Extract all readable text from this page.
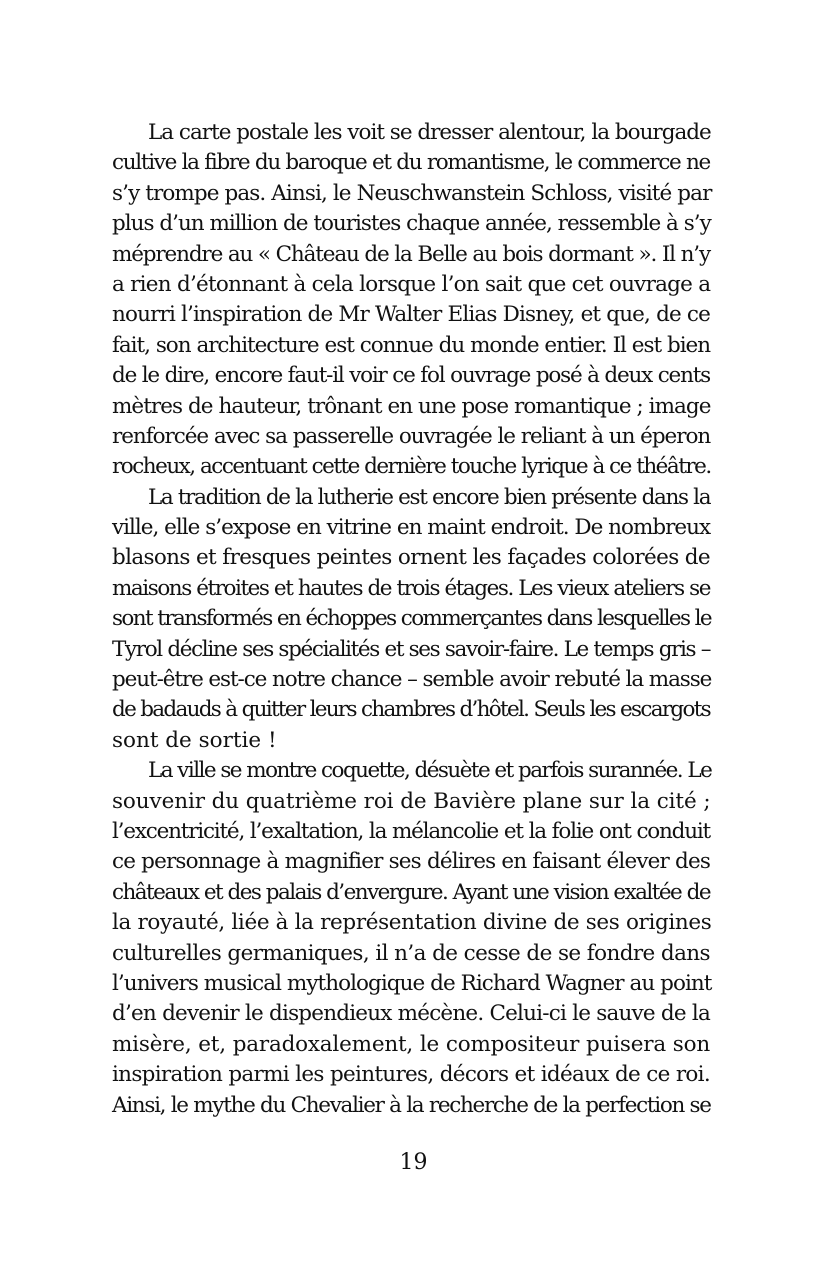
La carte postale les voit se dresser alentour, la bourgade
cultive la fibre du baroque et du romantisme, le commerce ne
s’y trompe pas. Ainsi, le Neuschwanstein Schloss, visité par
plus d’un million de touristes chaque année, ressemble à s’y
méprendre au « Château de la Belle au bois dormant ». Il n’y
a rien d’étonnant à cela lorsque l’on sait que cet ouvrage a
nourri l’inspiration de Mr Walter Elias Disney, et que, de ce
fait, son architecture est connue du monde entier. Il est bien
de le dire, encore faut-il voir ce fol ouvrage posé à deux cents
mètres de hauteur, trônant en une pose romantique ; image
renforcée avec sa passerelle ouvragée le reliant à un éperon
rocheux, accentuant cette dernière touche lyrique à ce théâtre.
La tradition de la lutherie est encore bien présente dans la
ville, elle s’expose en vitrine en maint endroit. De nombreux
blasons et fresques peintes ornent les façades colorées de
maisons étroites et hautes de trois étages. Les vieux ateliers se
sont transformés en échoppes commerçantes dans lesquelles le
Tyrol décline ses spécialités et ses savoir-faire. Le temps gris –
peut-être est-ce notre chance – semble avoir rebuté la masse
de badauds à quitter leurs chambres d’hôtel. Seuls les escargots
sont de sortie !
La ville se montre coquette, désuète et parfois surannée. Le
souvenir du quatrième roi de Bavière plane sur la cité ;
l’excentricité, l’exaltation, la mélancolie et la folie ont conduit
ce personnage à magnifier ses délires en faisant élever des
châteaux et des palais d’envergure. Ayant une vision exaltée de
la royauté, liée à la représentation divine de ses origines
culturelles germaniques, il n’a de cesse de se fondre dans
l’univers musical mythologique de Richard Wagner au point
d’en devenir le dispendieux mécène. Celui-ci le sauve de la
misère, et, paradoxalement, le compositeur puisera son
inspiration parmi les peintures, décors et idéaux de ce roi.
Ainsi, le mythe du Chevalier à la recherche de la perfection se
19
